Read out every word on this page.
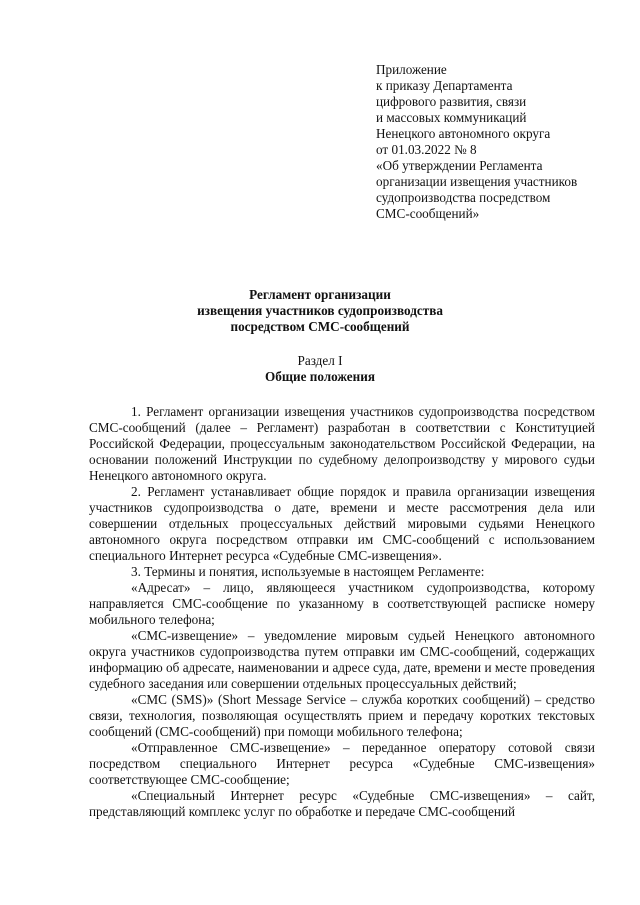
Приложение
к приказу Департамента
цифрового развития, связи
и массовых коммуникаций
Ненецкого автономного округа
от 01.03.2022 № 8
«Об утверждении Регламента
организации извещения участников
судопроизводства посредством
СМС-сообщений»
Регламент организации
извещения участников судопроизводства
посредством СМС-сообщений
Раздел I
Общие положения

1. Регламент организации извещения участников судопроизводства посредством СМС-сообщений (далее – Регламент) разработан в соответствии с Конституцией Российской Федерации, процессуальным законодательством Российской Федерации, на основании положений Инструкции по судебному делопроизводству у мирового судьи Ненецкого автономного округа.

2. Регламент устанавливает общие порядок и правила организации извещения участников судопроизводства о дате, времени и месте рассмотрения дела или совершении отдельных процессуальных действий мировыми судьями Ненецкого автономного округа посредством отправки им СМС-сообщений с использованием специального Интернет ресурса «Судебные СМС-извещения».

3. Термины и понятия, используемые в настоящем Регламенте:

«Адресат» – лицо, являющееся участником судопроизводства, которому направляется СМС-сообщение по указанному в соответствующей расписке номеру мобильного телефона;

«СМС-извещение» – уведомление мировым судьей Ненецкого автономного округа участников судопроизводства путем отправки им СМС-сообщений, содержащих информацию об адресате, наименовании и адресе суда, дате, времени и месте проведения судебного заседания или совершении отдельных процессуальных действий;

«СМС (SMS)» (Short Message Service – служба коротких сообщений) – средство связи, технология, позволяющая осуществлять прием и передачу коротких текстовых сообщений (СМС-сообщений) при помощи мобильного телефона;

«Отправленное СМС-извещение» – переданное оператору сотовой связи посредством специального Интернет ресурса «Судебные СМС-извещения» соответствующее СМС-сообщение;

«Специальный Интернет ресурс «Судебные СМС-извещения» – сайт, представляющий комплекс услуг по обработке и передаче СМС-сообщений
